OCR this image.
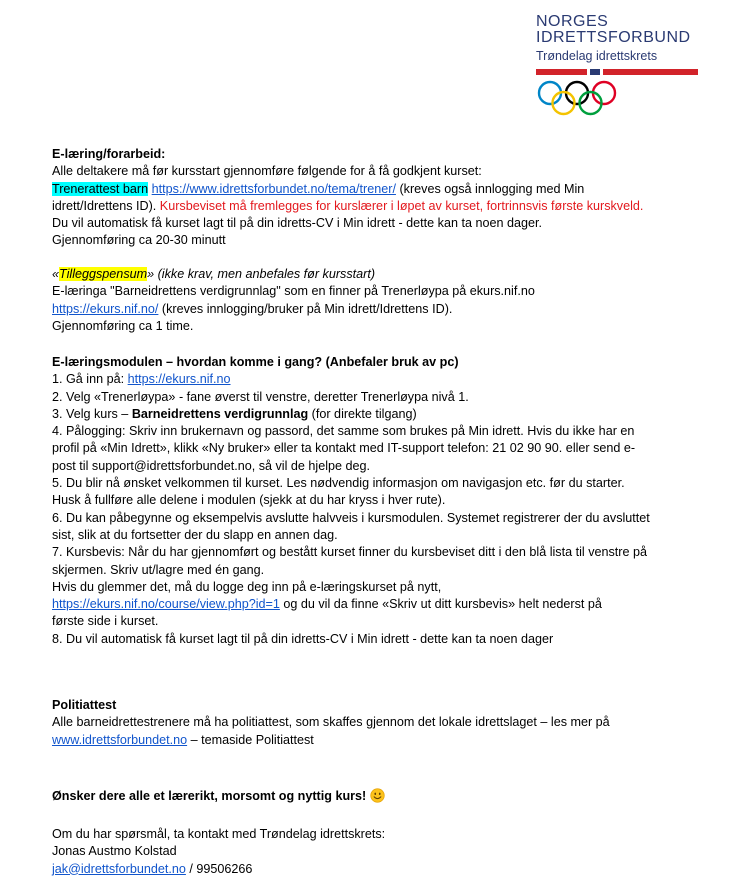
NORGES
IDRETTSFORBUND
Trøndelag idrettskrets
E-læring/forarbeid:
Alle deltakere må før kursstart gjennomføre følgende for å få godkjent kurset:
Trenerattest barn https://www.idrettsforbundet.no/tema/trener/ (kreves også innlogging med Min
idrett/Idrettens ID). Kursbeviset må fremlegges for kurslærer i løpet av kurset, fortrinnsvis første kurskveld.
Du vil automatisk få kurset lagt til på din idretts-CV i Min idrett - dette kan ta noen dager.
Gjennomføring ca 20-30 minutt
«Tilleggspensum» (ikke krav, men anbefales før kursstart)
E-læringa "Barneidrettens verdigrunnlag" som en finner på Trenerløypa på ekurs.nif.no
https://ekurs.nif.no/ (kreves innlogging/bruker på Min idrett/Idrettens ID).
Gjennomføring ca 1 time.
E-læringsmodulen – hvordan komme i gang? (Anbefaler bruk av pc)
1. Gå inn på: https://ekurs.nif.no
2. Velg «Trenerløypa» - fane øverst til venstre, deretter Trenerløypa nivå 1.
3. Velg kurs – Barneidrettens verdigrunnlag (for direkte tilgang)
4. Pålogging: Skriv inn brukernavn og passord, det samme som brukes på Min idrett. Hvis du ikke har en
profil på «Min Idrett», klikk «Ny bruker» eller ta kontakt med IT-support telefon: 21 02 90 90. eller send e-
post til support@idrettsforbundet.no, så vil de hjelpe deg.
5. Du blir nå ønsket velkommen til kurset. Les nødvendig informasjon om navigasjon etc. før du starter.
Husk å fullføre alle delene i modulen (sjekk at du har kryss i hver rute).
6. Du kan påbegynne og eksempelvis avslutte halvveis i kursmodulen. Systemet registrerer der du avsluttet
sist, slik at du fortsetter der du slapp en annen dag.
7. Kursbevis: Når du har gjennomført og bestått kurset finner du kursbeviset ditt i den blå lista til venstre på
skjermen. Skriv ut/lagre med én gang.
Hvis du glemmer det, må du logge deg inn på e-læringskurset på nytt,
https://ekurs.nif.no/course/view.php?id=1 og du vil da finne «Skriv ut ditt kursbevis» helt nederst på
første side i kurset.
8. Du vil automatisk få kurset lagt til på din idretts-CV i Min idrett - dette kan ta noen dager
Politiattest
Alle barneidrettestrenere må ha politiattest, som skaffes gjennom det lokale idrettslaget – les mer på
www.idrettsforbundet.no – temaside Politiattest
Ønsker dere alle et lærerikt, morsomt og nyttig kurs!
Om du har spørsmål, ta kontakt med Trøndelag idrettskrets:
Jonas Austmo Kolstad
jak@idrettsforbundet.no / 99506266
